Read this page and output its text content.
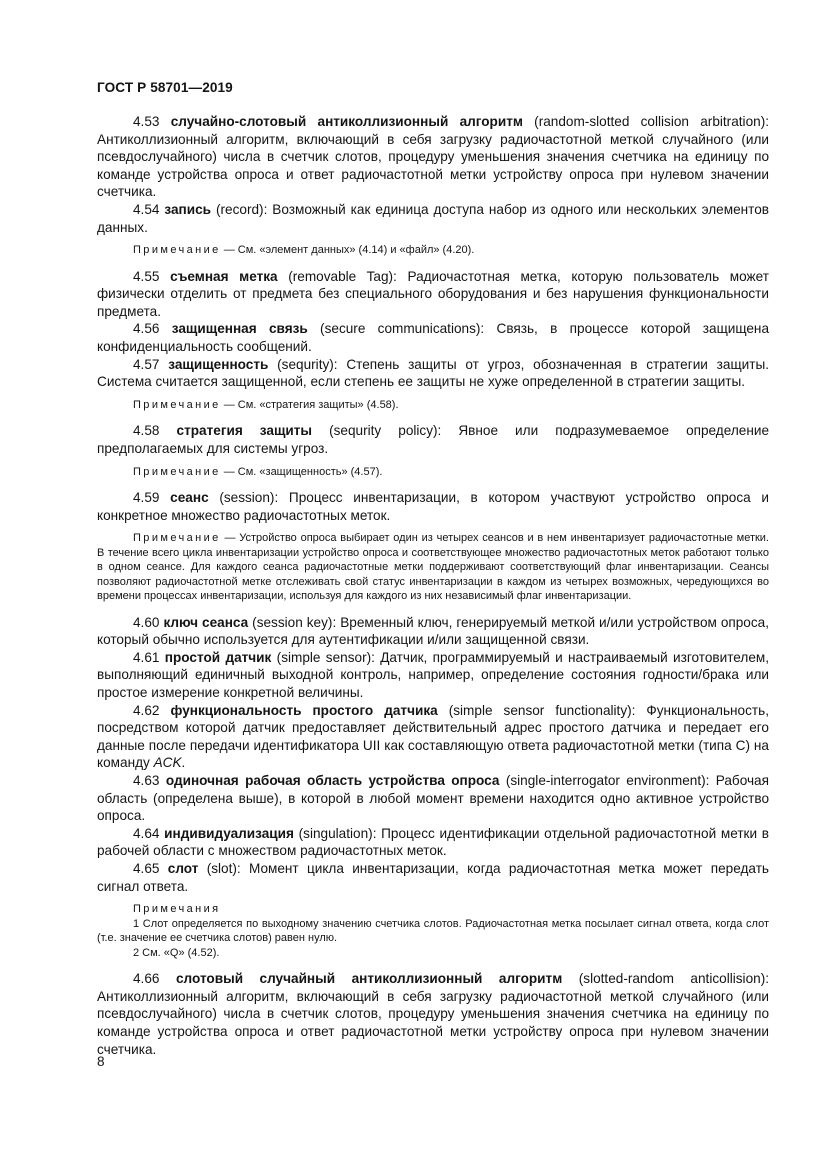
ГОСТ Р 58701—2019

4.53 случайно-слотовый антиколлизионный алгоритм (random-slotted collision arbitration): Антиколлизионный алгоритм, включающий в себя загрузку радиочастотной меткой случайного (или псевдослучайного) числа в счетчик слотов, процедуру уменьшения значения счетчика на единицу по команде устройства опроса и ответ радиочастотной метки устройству опроса при нулевом значении счетчика.

4.54 запись (record): Возможный как единица доступа набор из одного или нескольких элементов данных.

Примечание — См. «элемент данных» (4.14) и «файл» (4.20).

4.55 съемная метка (removable Tag): Радиочастотная метка, которую пользователь может физически отделить от предмета без специального оборудования и без нарушения функциональности предмета.

4.56 защищенная связь (secure communications): Связь, в процессе которой защищена конфиденциальность сообщений.

4.57 защищенность (sequrity): Степень защиты от угроз, обозначенная в стратегии защиты. Система считается защищенной, если степень ее защиты не хуже определенной в стратегии защиты.

Примечание — См. «стратегия защиты» (4.58).

4.58 стратегия защиты (sequrity policy): Явное или подразумеваемое определение предполагаемых для системы угроз.

Примечание — См. «защищенность» (4.57).

4.59 сеанс (session): Процесс инвентаризации, в котором участвуют устройство опроса и конкретное множество радиочастотных меток.

Примечание — Устройство опроса выбирает один из четырех сеансов и в нем инвентаризует радиочастотные метки. В течение всего цикла инвентаризации устройство опроса и соответствующее множество радиочастотных меток работают только в одном сеансе. Для каждого сеанса радиочастотные метки поддерживают соответствующий флаг инвентаризации. Сеансы позволяют радиочастотной метке отслеживать свой статус инвентаризации в каждом из четырех возможных, чередующихся во времени процессах инвентаризации, используя для каждого из них независимый флаг инвентаризации.

4.60 ключ сеанса (session key): Временный ключ, генерируемый меткой и/или устройством опроса, который обычно используется для аутентификации и/или защищенной связи.

4.61 простой датчик (simple sensor): Датчик, программируемый и настраиваемый изготовителем, выполняющий единичный выходной контроль, например, определение состояния годности/брака или простое измерение конкретной величины.

4.62 функциональность простого датчика (simple sensor functionality): Функциональность, посредством которой датчик предоставляет действительный адрес простого датчика и передает его данные после передачи идентификатора UII как составляющую ответа радиочастотной метки (типа С) на команду ACK.

4.63 одиночная рабочая область устройства опроса (single-interrogator environment): Рабочая область (определена выше), в которой в любой момент времени находится одно активное устройство опроса.

4.64 индивидуализация (singulation): Процесс идентификации отдельной радиочастотной метки в рабочей области с множеством радиочастотных меток.

4.65 слот (slot): Момент цикла инвентаризации, когда радиочастотная метка может передать сигнал ответа.

Примечания

1 Слот определяется по выходному значению счетчика слотов. Радиочастотная метка посылает сигнал ответа, когда слот (т.е. значение ее счетчика слотов) равен нулю.

2 См. «Q» (4.52).

4.66 слотовый случайный антиколлизионный алгоритм (slotted-random anticollision): Антиколлизионный алгоритм, включающий в себя загрузку радиочастотной меткой случайного (или псевдослучайного) числа в счетчик слотов, процедуру уменьшения значения счетчика на единицу по команде устройства опроса и ответ радиочастотной метки устройству опроса при нулевом значении счетчика.

8
